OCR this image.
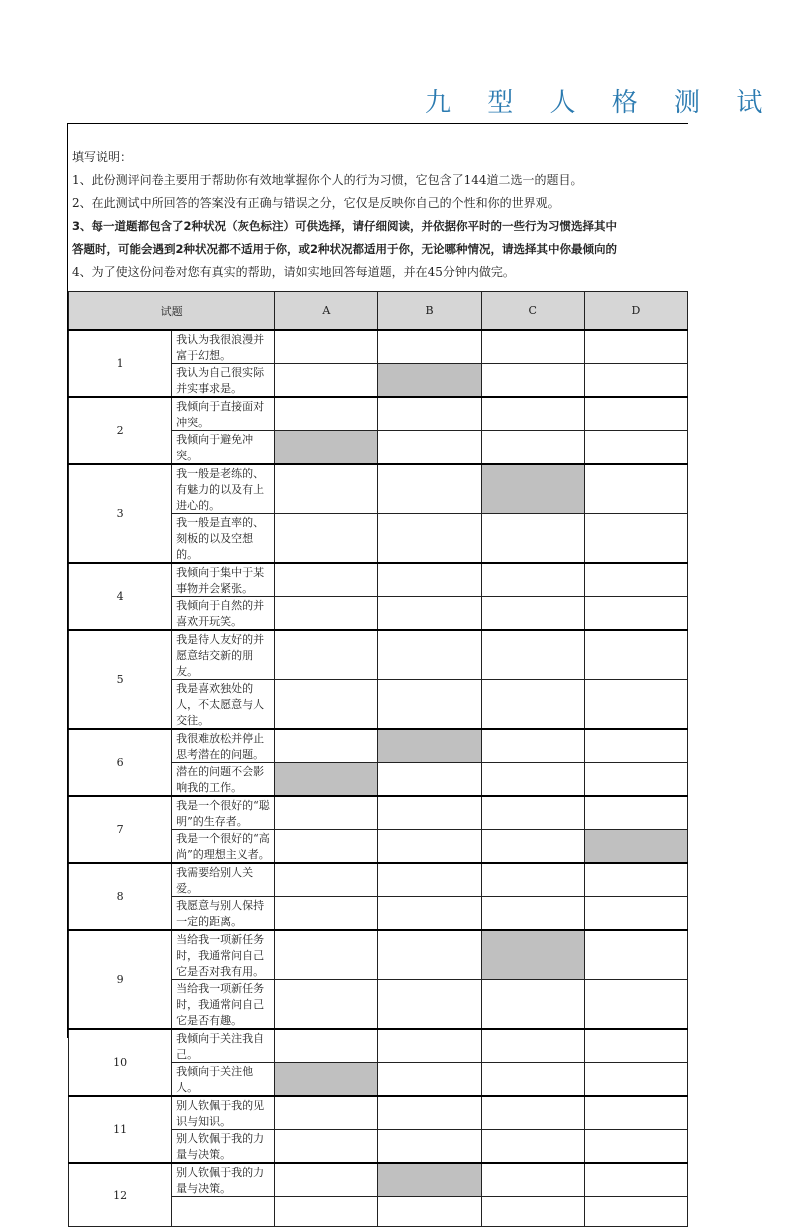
九 型 人 格 测 试
填写说明：
1、此份测评问卷主要用于帮助你有效地掌握你个人的行为习惯，它包含了144道二选一的题目。
2、在此测试中所回答的答案没有正确与错误之分，它仅是反映你自己的个性和你的世界观。
3、每一道题都包含了2种状况（灰色标注）可供选择，请仔细阅读，并依据你平时的一些行为习惯选择其中
答题时，可能会遇到2种状况都不适用于你，或2种状况都适用于你，无论哪种情况，请选择其中你最倾向的
4、为了使这份问卷对您有真实的帮助，请如实地回答每道题，并在45分钟内做完。
试题		A	B	C	D
1	我认为我很浪漫并富于幻想。				
	我认为自己很实际并实事求是。				
2	我倾向于直接面对冲突。				
	我倾向于避免冲突。				
3	我一般是老练的、有魅力的以及有上进心的。				
	我一般是直率的、刻板的以及空想的。				
4	我倾向于集中于某事物并会紧张。				
	我倾向于自然的并喜欢开玩笑。				
5	我是待人友好的并愿意结交新的朋友。				
	我是喜欢独处的人，不太愿意与人交往。				
6	我很难放松并停止思考潜在的问题。				
	潜在的问题不会影响我的工作。				
7	我是一个很好的“聪明”的生存者。				
	我是一个很好的“高尚”的理想主义者。				
8	我需要给别人关爱。				
	我愿意与别人保持一定的距离。				
9	当给我一项新任务时，我通常问自己它是否对我有用。				
	当给我一项新任务时，我通常问自己它是否有趣。				
10	我倾向于关注我自己。				
	我倾向于关注他人。				
11	别人钦佩于我的见识与知识。				
	别人钦佩于我的力量与决策。				
12	别人钦佩于我的力量与决策。				
